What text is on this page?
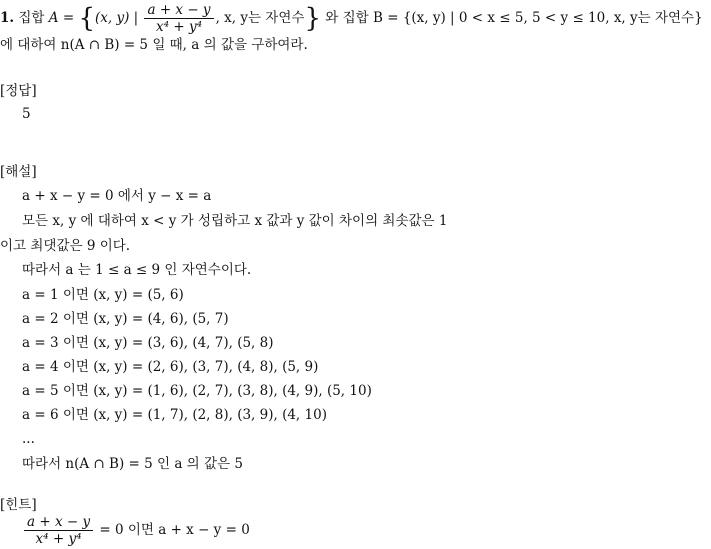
1. 집합 A = {(x, y) | $\frac{a + x - y}{\text{x⁴ + y⁴}}$ , x, y는 자연수} 와 집합 B = {(x, y) | 0 < x ≤ 5, 5 < y ≤ 10, x, y는 자연수}
에 대하여 n(A ∩ B) = 5 일 때, a 의 값을 구하여라.
[정답]
5
[해설]
a + x − y = 0 에서 y − x = a
모든 x, y 에 대하여 x < y 가 성립하고 x 값과 y 값이 차이의 최솟값은 1
이고 최댓값은 9 이다.
따라서 a 는 1 ≤ a ≤ 9 인 자연수이다.
a = 1 이면 (x, y) = (5, 6)
a = 2 이면 (x, y) = (4, 6), (5, 7)
a = 3 이면 (x, y) = (3, 6), (4, 7), (5, 8)
a = 4 이면 (x, y) = (2, 6), (3, 7), (4, 8), (5, 9)
a = 5 이면 (x, y) = (1, 6), (2, 7), (3, 8), (4, 9), (5, 10)
a = 6 이면 (x, y) = (1, 7), (2, 8), (3, 9), (4, 10)
...
따라서 n(A ∩ B) = 5 인 a 의 값은 5
[힌트]
$\frac{a + x - y}{\text{x⁴ + y⁴}} = 0$ 이면 a + x − y = 0
